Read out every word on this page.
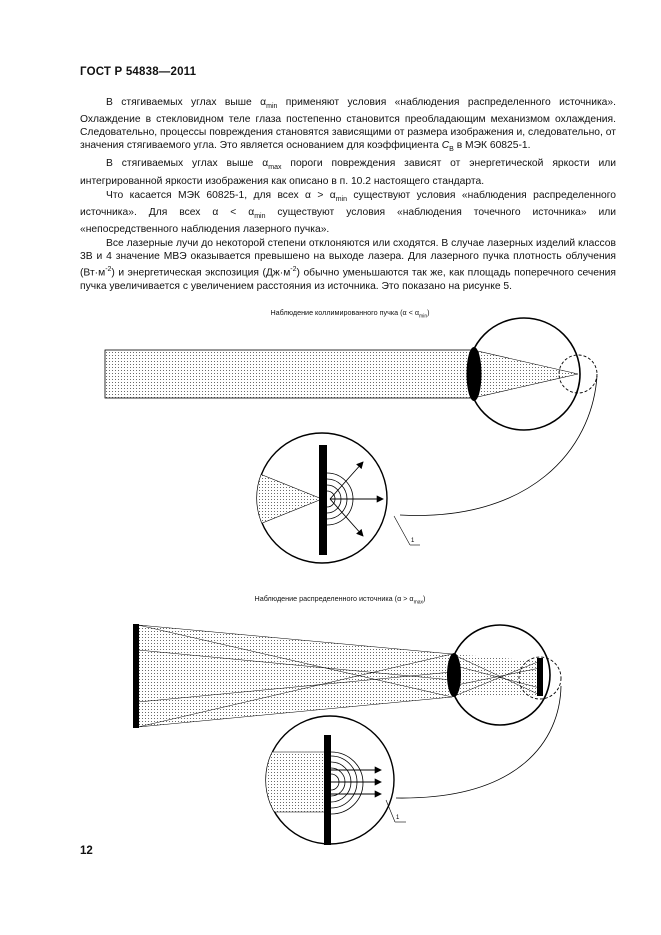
ГОСТ Р 54838—2011

В стягиваемых углах выше $\alpha_{min}$ применяют условия «наблюдения распределенного источника». Охлаждение в стекловидном теле глаза постепенно становится преобладающим механизмом охлаждения. Следовательно, процессы повреждения становятся зависящими от размера изображения и, следовательно, от значения стягиваемого угла. Это является основанием для коэффициента $C_B$ в МЭК 60825-1.

В стягиваемых углах выше $\alpha_{max}$ пороги повреждения зависят от энергетической яркости или интегрированной яркости изображения как описано в п. 10.2 настоящего стандарта.

Что касается МЭК 60825-1, для всех $\alpha > \alpha_{min}$ существуют условия «наблюдения распределенного источника». Для всех $\alpha < \alpha_{min}$ существуют условия «наблюдения точечного источника» или «непосредственного наблюдения лазерного пучка».

Все лазерные лучи до некоторой степени отклоняются или сходятся. В случае лазерных изделий классов 3В и 4 значение МВЭ оказывается превышено на выходе лазера. Для лазерного пучка плотность облучения $(Вт\cdot м^{-2})$ и энергетическая экспозиция $(Дж\cdot м^{-2})$ обычно уменьшаются так же, как площадь поперечного сечения пучка увеличивается с увеличением расстояния из источника. Это показано на рисунке 5.

Наблюдение коллимированного пучка $(\alpha < \alpha_{min})$
Наблюдение распределенного источника $(\alpha > \alpha_{max})$
1
1
12
